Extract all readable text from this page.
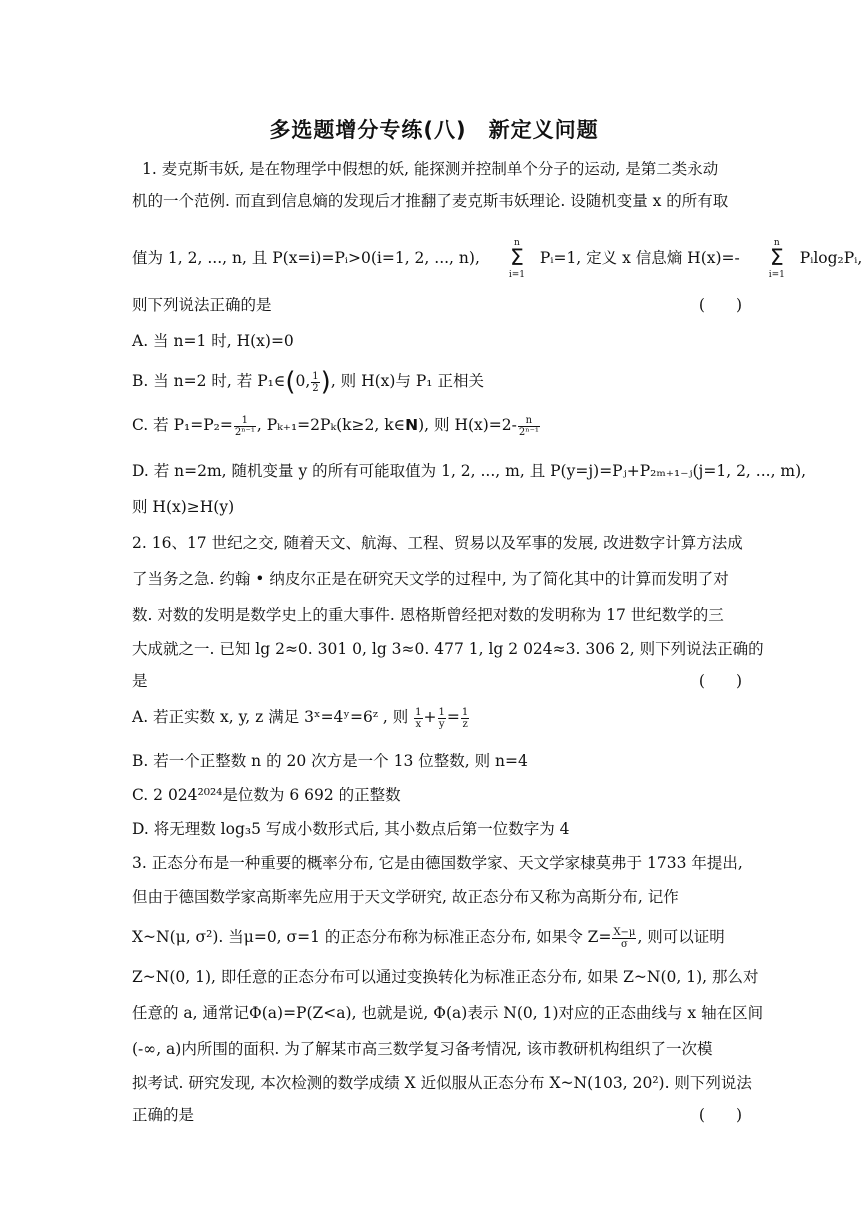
多选题增分专练(八)　新定义问题
1. 麦克斯韦妖, 是在物理学中假想的妖, 能探测并控制单个分子的运动, 是第二类永动
机的一个范例. 而直到信息熵的发现后才推翻了麦克斯韦妖理论. 设随机变量 x 的所有取
值为 1, 2, ..., n, 且 P(x=i)=Pᵢ>0(i=1, 2, ..., n), n
Σ
i=1 Pᵢ=1, 定义 x 信息熵 H(x)=- n
Σ
i=1 Pᵢlog₂Pᵢ,
则下列说法正确的是	(　　)
A. 当 n=1 时, H(x)=0
B. 当 n=2 时, 若 P₁∈(0, $\frac{1}{2}$ ), 则 H(x)与 P₁ 正相关
C. 若 $P_1=P_2= \frac{1}{\text{2ⁿ⁻¹}}$ , Pₖ₊₁=2Pₖ(k≥2, k∈N), 则 $H(x)=2- \frac{n}{\text{2ⁿ⁻¹}}$
D. 若 n=2m, 随机变量 y 的所有可能取值为 1, 2, ..., m, 且 P(y=j)=Pⱼ+P₂ₘ₊₁₋ⱼ(j=1, 2, ..., m),
则 H(x)≥H(y)
2. 16、17 世纪之交, 随着天文、航海、工程、贸易以及军事的发展, 改进数字计算方法成
了当务之急. 约翰 • 纳皮尔正是在研究天文学的过程中, 为了简化其中的计算而发明了对
数. 对数的发明是数学史上的重大事件. 恩格斯曾经把对数的发明称为 17 世纪数学的三
大成就之一. 已知 lg 2≈0. 301 0, lg 3≈0. 477 1, lg 2 024≈3. 306 2, 则下列说法正确的
是	(　　)
A. 若正实数 x, y, z 满足 3ˣ=4ʸ=6ᶻ , 则 $\frac{1}{x} + \frac{1}{y} = \frac{1}{z}$
B. 若一个正整数 n 的 20 次方是一个 13 位整数, 则 n=4
C. 2 024²⁰²⁴是位数为 6 692 的正整数
D. 将无理数 log₃5 写成小数形式后, 其小数点后第一位数字为 4
3. 正态分布是一种重要的概率分布, 它是由德国数学家、天文学家棣莫弗于 1733 年提出,
但由于德国数学家高斯率先应用于天文学研究, 故正态分布又称为高斯分布, 记作
X~N(μ, σ²). 当μ=0, σ=1 的正态分布称为标准正态分布, 如果令 $Z= \frac{X-\mu}{\sigma}$ , 则可以证明
Z~N(0, 1), 即任意的正态分布可以通过变换转化为标准正态分布, 如果 Z~N(0, 1), 那么对
任意的 a, 通常记Φ(a)=P(Z<a), 也就是说, Φ(a)表示 N(0, 1)对应的正态曲线与 x 轴在区间
(-∞, a)内所围的面积. 为了解某市高三数学复习备考情况, 该市教研机构组织了一次模
拟考试. 研究发现, 本次检测的数学成绩 X 近似服从正态分布 X~N(103, 20²). 则下列说法
正确的是	(　　)
